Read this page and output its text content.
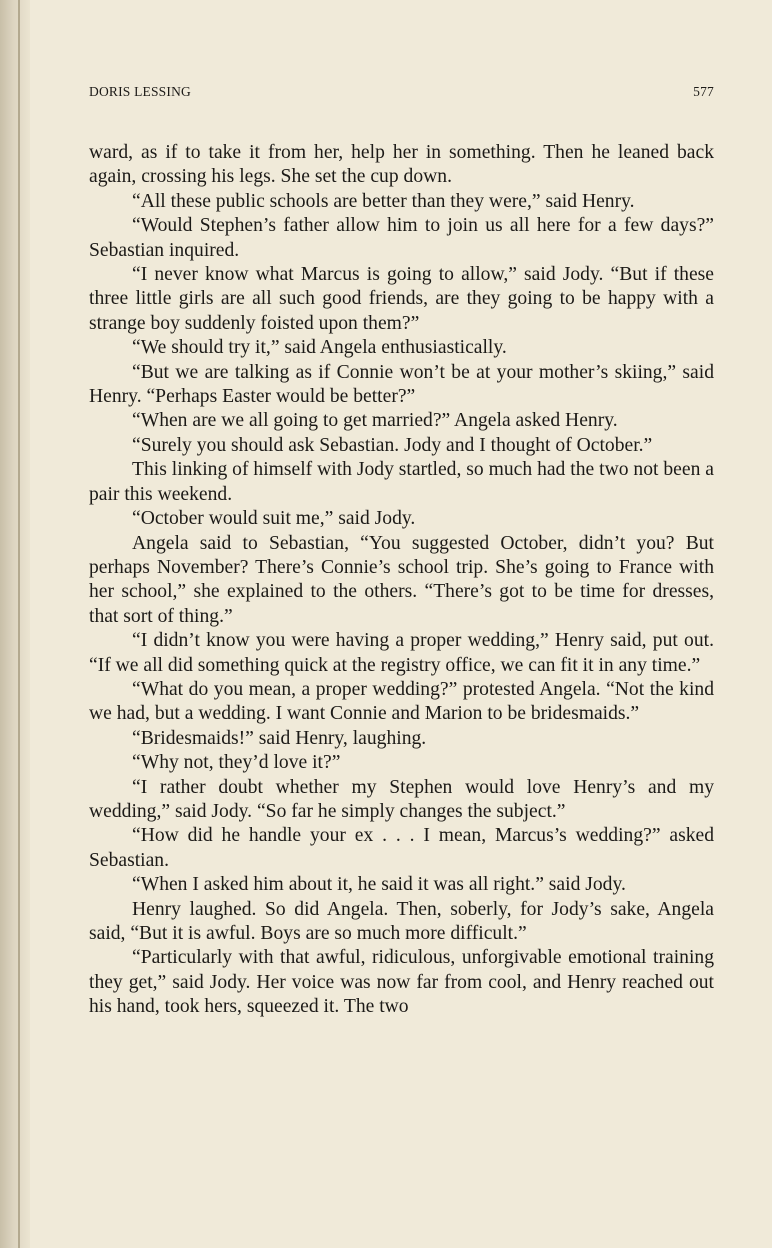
DORIS LESSING	577

ward, as if to take it from her, help her in something. Then he leaned back again, crossing his legs. She set the cup down.

“All these public schools are better than they were,” said Henry.

“Would Stephen’s father allow him to join us all here for a few days?” Sebastian inquired.

“I never know what Marcus is going to allow,” said Jody. “But if these three little girls are all such good friends, are they going to be happy with a strange boy suddenly foisted upon them?”

“We should try it,” said Angela enthusiastically.

“But we are talking as if Connie won’t be at your mother’s skiing,” said Henry. “Perhaps Easter would be better?”

“When are we all going to get married?” Angela asked Henry.

“Surely you should ask Sebastian. Jody and I thought of October.”

This linking of himself with Jody startled, so much had the two not been a pair this weekend.

“October would suit me,” said Jody.

Angela said to Sebastian, “You suggested October, didn’t you? But perhaps November? There’s Connie’s school trip. She’s going to France with her school,” she explained to the others. “There’s got to be time for dresses, that sort of thing.”

“I didn’t know you were having a proper wedding,” Henry said, put out. “If we all did something quick at the registry office, we can fit it in any time.”

“What do you mean, a proper wedding?” protested Angela. “Not the kind we had, but a wedding. I want Connie and Marion to be bridesmaids.”

“Bridesmaids!” said Henry, laughing.

“Why not, they’d love it?”

“I rather doubt whether my Stephen would love Henry’s and my wedding,” said Jody. “So far he simply changes the subject.”

“How did he handle your ex . . . I mean, Marcus’s wedding?” asked Sebastian.

“When I asked him about it, he said it was all right.” said Jody.

Henry laughed. So did Angela. Then, soberly, for Jody’s sake, Angela said, “But it is awful. Boys are so much more difficult.”

“Particularly with that awful, ridiculous, unforgivable emotional training they get,” said Jody. Her voice was now far from cool, and Henry reached out his hand, took hers, squeezed it. The two
